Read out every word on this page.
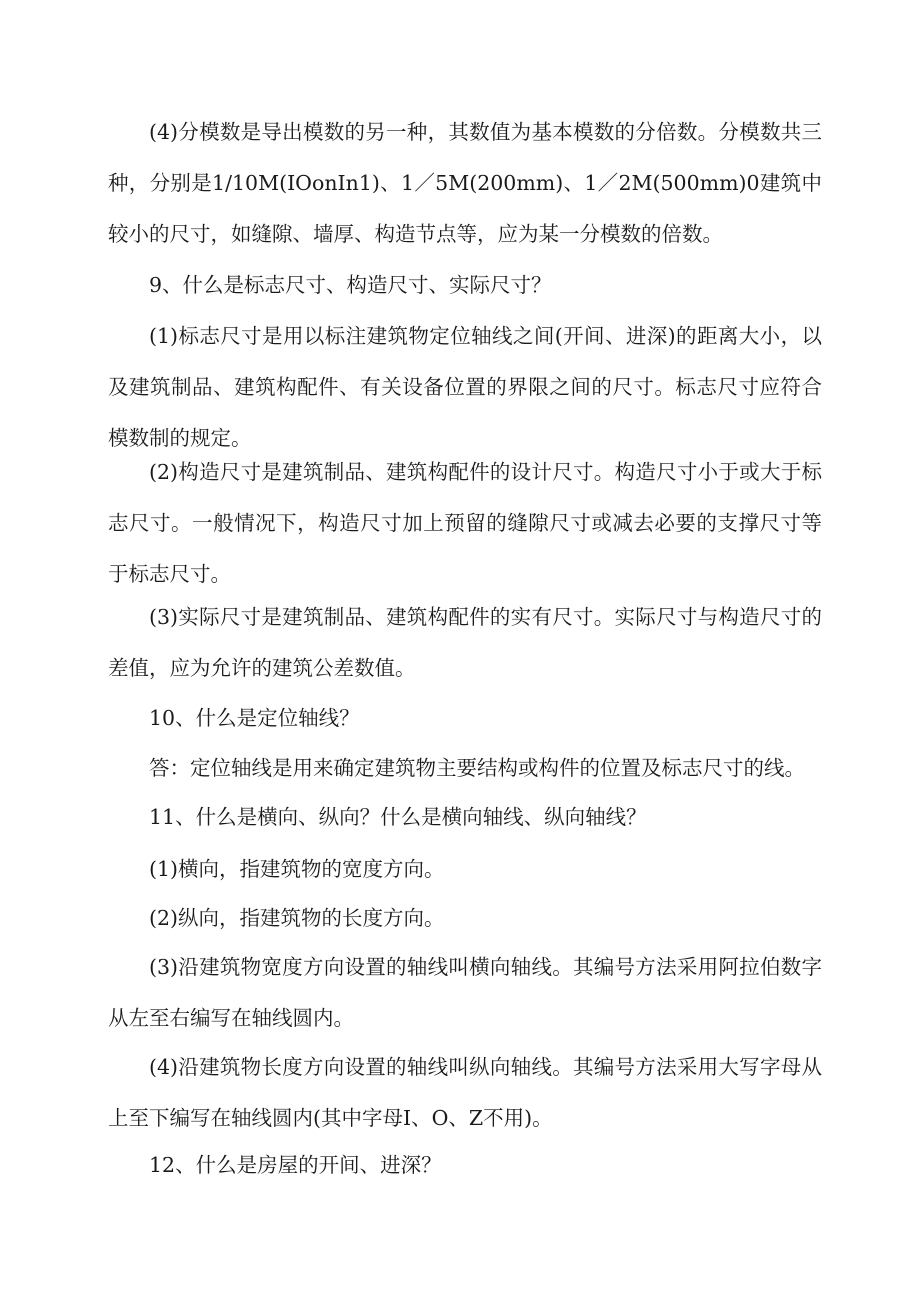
(4)分模数是导出模数的另一种，其数值为基本模数的分倍数。分模数共三种，分别是1/10M(IOonIn1)、1／5M(200mm)、1／2M(500mm)0建筑中较小的尺寸，如缝隙、墙厚、构造节点等，应为某一分模数的倍数。

9、什么是标志尺寸、构造尺寸、实际尺寸？

(1)标志尺寸是用以标注建筑物定位轴线之间(开间、进深)的距离大小，以及建筑制品、建筑构配件、有关设备位置的界限之间的尺寸。标志尺寸应符合模数制的规定。

(2)构造尺寸是建筑制品、建筑构配件的设计尺寸。构造尺寸小于或大于标志尺寸。一般情况下，构造尺寸加上预留的缝隙尺寸或减去必要的支撑尺寸等于标志尺寸。

(3)实际尺寸是建筑制品、建筑构配件的实有尺寸。实际尺寸与构造尺寸的差值，应为允许的建筑公差数值。

10、什么是定位轴线？

答：定位轴线是用来确定建筑物主要结构或构件的位置及标志尺寸的线。

11、什么是横向、纵向？什么是横向轴线、纵向轴线？

(1)横向，指建筑物的宽度方向。

(2)纵向，指建筑物的长度方向。

(3)沿建筑物宽度方向设置的轴线叫横向轴线。其编号方法采用阿拉伯数字从左至右编写在轴线圆内。

(4)沿建筑物长度方向设置的轴线叫纵向轴线。其编号方法采用大写字母从上至下编写在轴线圆内(其中字母I、O、Z不用)。

12、什么是房屋的开间、进深？
